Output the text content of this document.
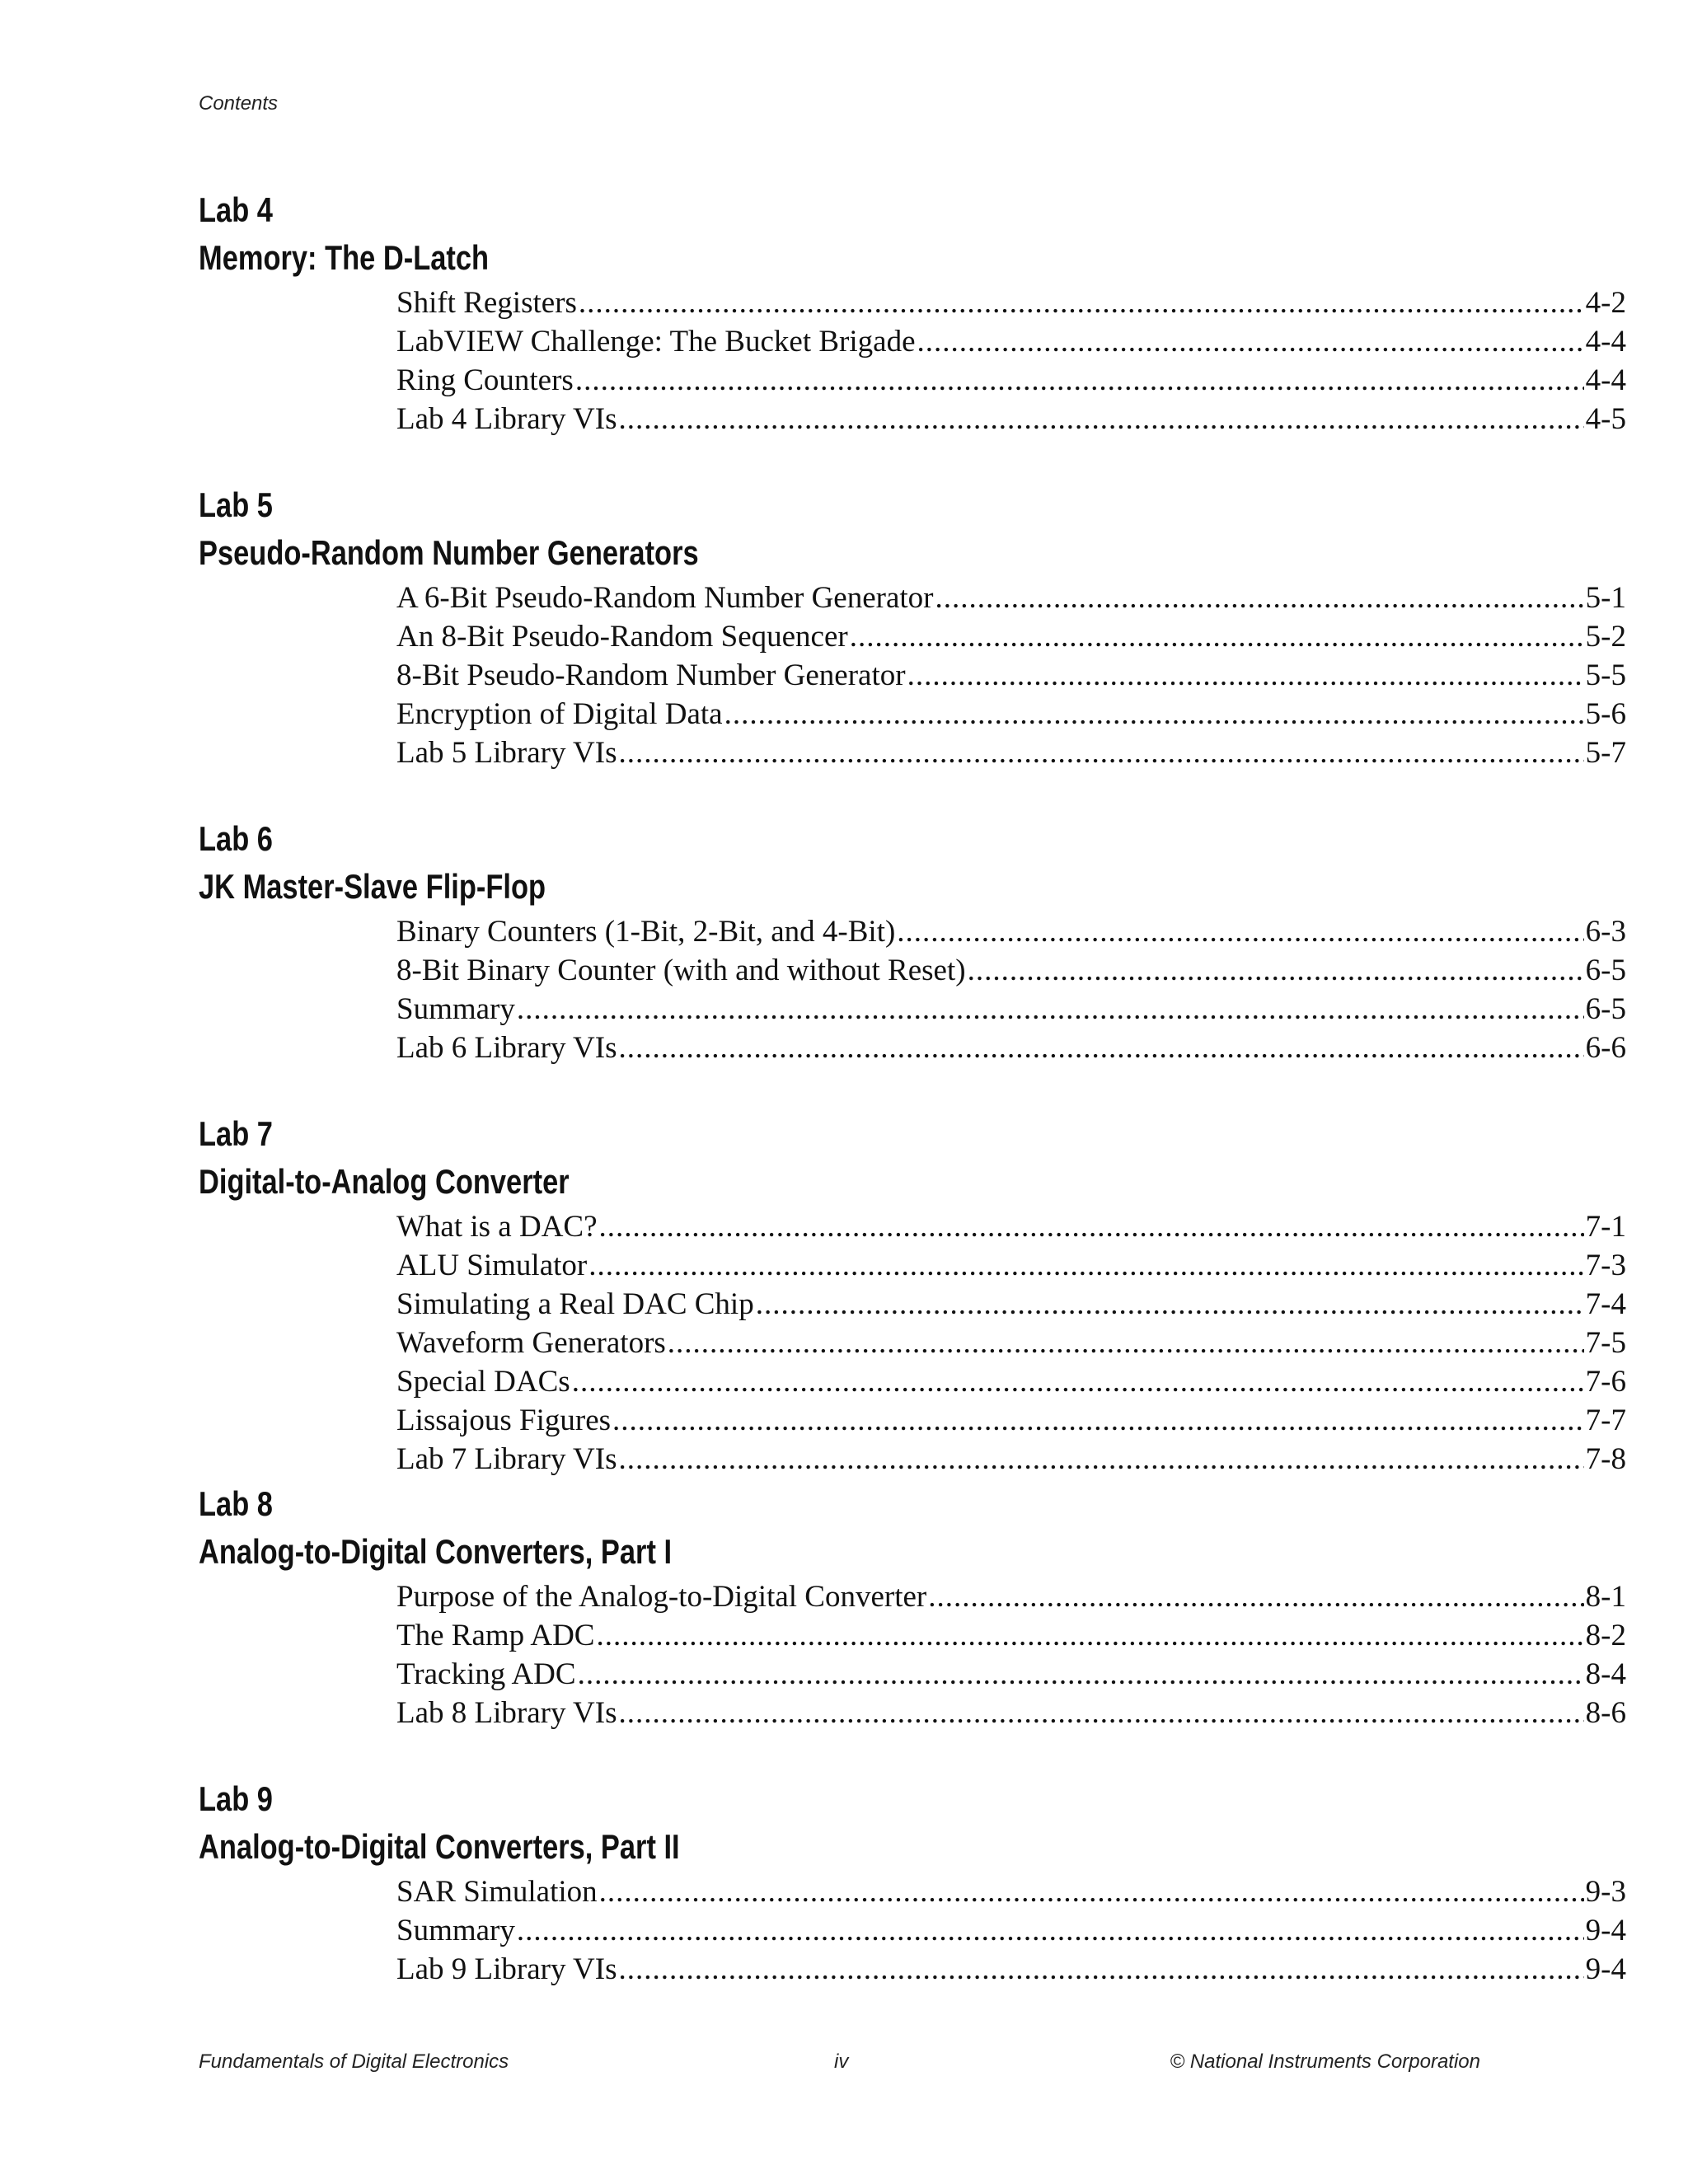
Contents
Lab 4
Memory: The D-Latch
Shift Registers .....	4-2
LabVIEW Challenge: The Bucket Brigade .....	4-4
Ring Counters .....	4-4
Lab 4 Library VIs .....	4-5
Lab 5
Pseudo-Random Number Generators
A 6-Bit Pseudo-Random Number Generator .....	5-1
An 8-Bit Pseudo-Random Sequencer .....	5-2
8-Bit Pseudo-Random Number Generator .....	5-5
Encryption of Digital Data .....	5-6
Lab 5 Library VIs .....	5-7
Lab 6
JK Master-Slave Flip-Flop
Binary Counters (1-Bit, 2-Bit, and 4-Bit) .....	6-3
8-Bit Binary Counter (with and without Reset) .....	6-5
Summary .....	6-5
Lab 6 Library VIs .....	6-6
Lab 7
Digital-to-Analog Converter
What is a DAC? .....	7-1
ALU Simulator .....	7-3
Simulating a Real DAC Chip .....	7-4
Waveform Generators .....	7-5
Special DACs .....	7-6
Lissajous Figures .....	7-7
Lab 7 Library VIs .....	7-8
Lab 8
Analog-to-Digital Converters, Part I
Purpose of the Analog-to-Digital Converter .....	8-1
The Ramp ADC .....	8-2
Tracking ADC .....	8-4
Lab 8 Library VIs .....	8-6
Lab 9
Analog-to-Digital Converters, Part II
SAR Simulation .....	9-3
Summary .....	9-4
Lab 9 Library VIs .....	9-4
Fundamentals of Digital Electronics	iv	© National Instruments Corporation
